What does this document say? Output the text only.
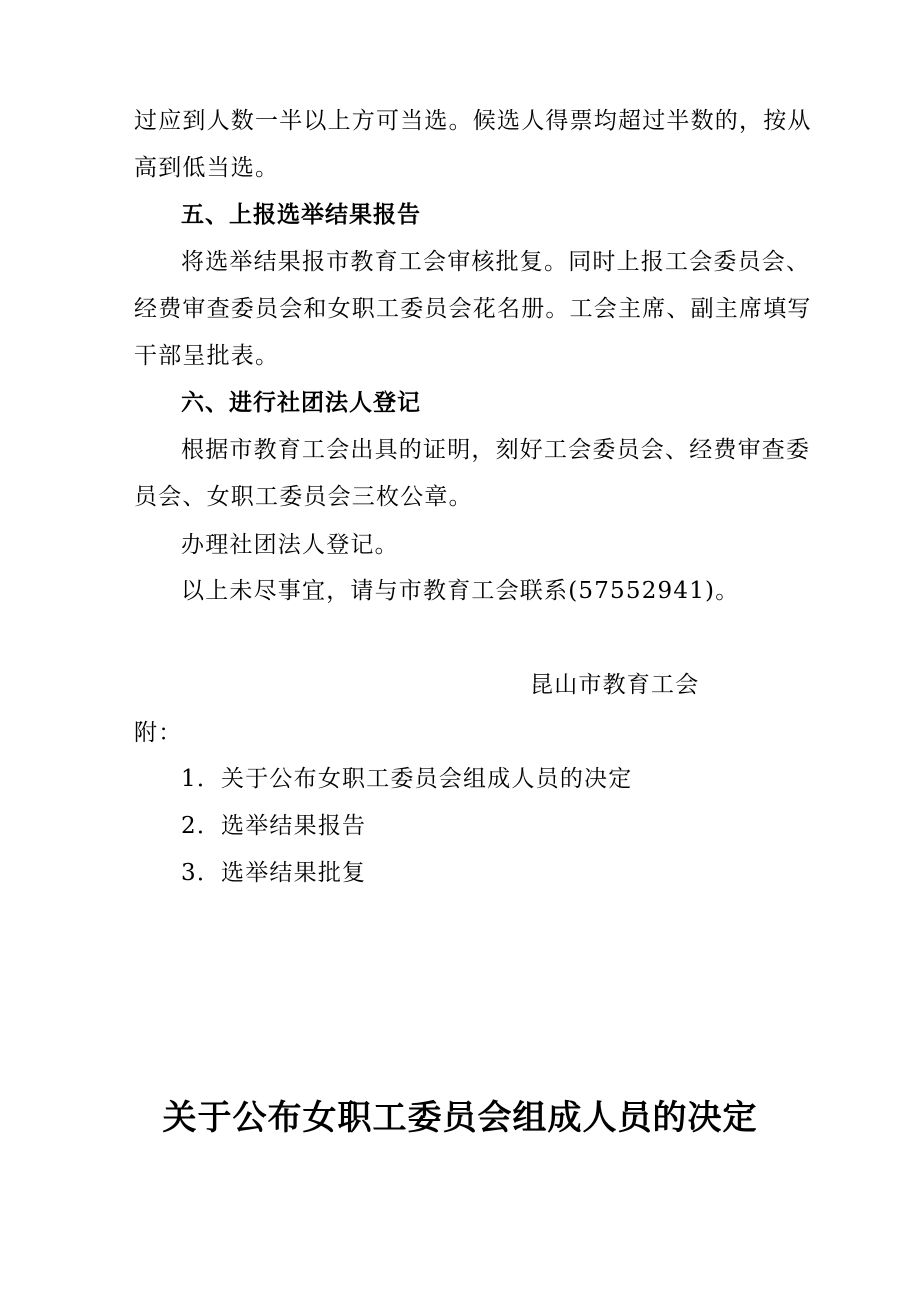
过应到人数一半以上方可当选。候选人得票均超过半数的，按从
高到低当选。
五、上报选举结果报告
将选举结果报市教育工会审核批复。同时上报工会委员会、
经费审查委员会和女职工委员会花名册。工会主席、副主席填写
干部呈批表。
六、进行社团法人登记
根据市教育工会出具的证明，刻好工会委员会、经费审查委
员会、女职工委员会三枚公章。
办理社团法人登记。
以上未尽事宜，请与市教育工会联系(57552941)。
昆山市教育工会
附：
1．关于公布女职工委员会组成人员的决定
2．选举结果报告
3．选举结果批复
关于公布女职工委员会组成人员的决定
